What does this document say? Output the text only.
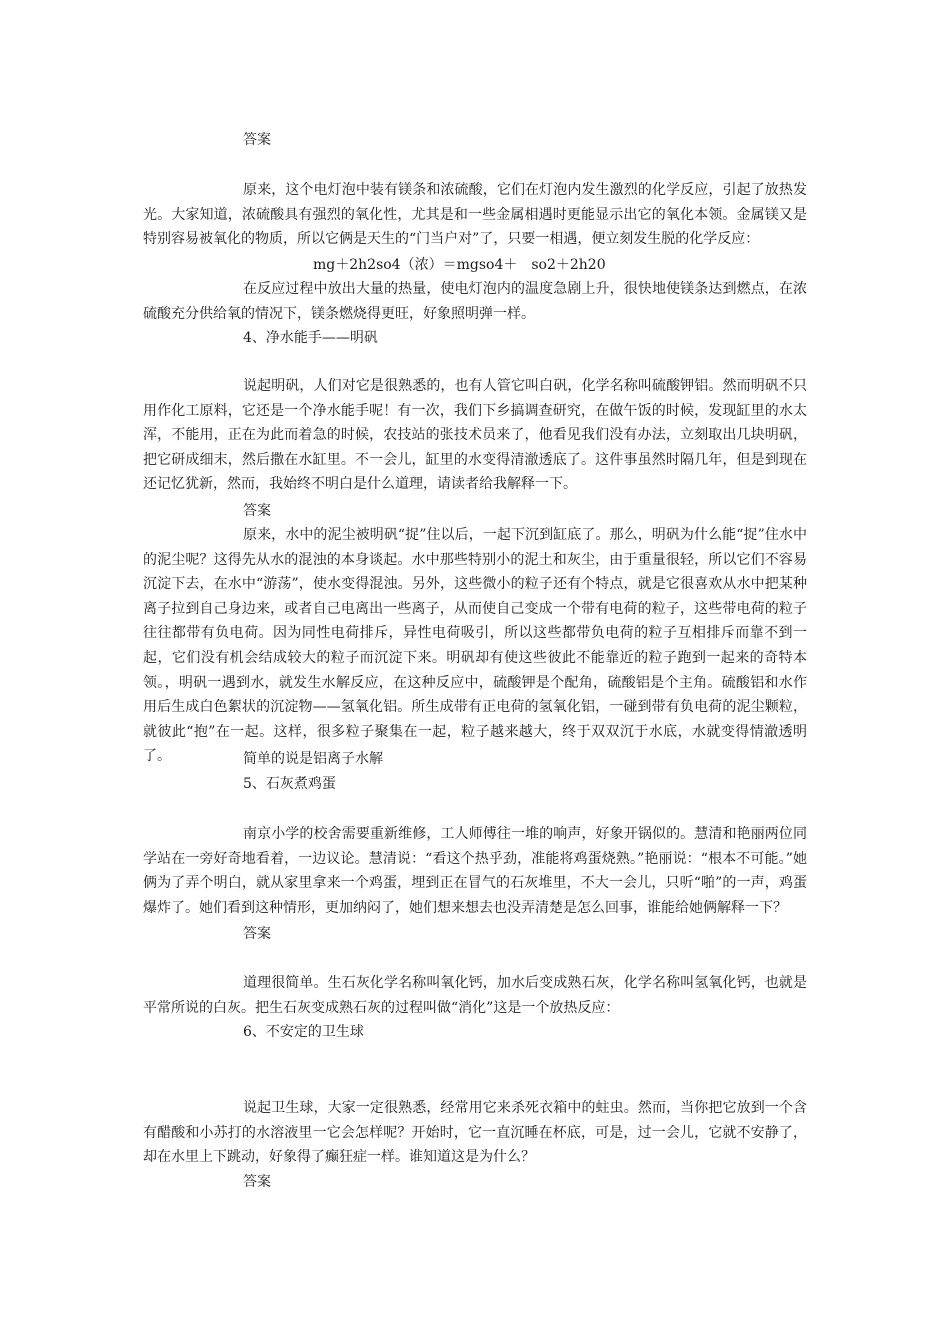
答案

原来，这个电灯泡中装有镁条和浓硫酸，它们在灯泡内发生激烈的化学反应，引起了放热发光。大家知道，浓硫酸具有强烈的氧化性，尤其是和一些金属相遇时更能显示出它的氧化本领。金属镁又是特别容易被氧化的物质，所以它俩是天生的“门当户对”了，只要一相遇，便立刻发生脱的化学反应：

mg＋2h2so4（浓）＝mgso4＋　so2＋2h20

在反应过程中放出大量的热量，使电灯泡内的温度急剧上升，很快地使镁条达到燃点，在浓硫酸充分供给氧的情况下，镁条燃烧得更旺，好象照明弹一样。

4、净水能手——明矾

说起明矾，人们对它是很熟悉的，也有人管它叫白矾，化学名称叫硫酸钾铝。然而明矾不只用作化工原料，它还是一个净水能手呢！有一次，我们下乡搞调查研究，在做午饭的时候，发现缸里的水太浑，不能用，正在为此而着急的时候，农技站的张技术员来了，他看见我们没有办法，立刻取出几块明矾，把它研成细末，然后撒在水缸里。不一会儿，缸里的水变得清澈透底了。这件事虽然时隔几年，但是到现在还记忆犹新，然而，我始终不明白是什么道理，请读者给我解释一下。

答案

原来，水中的泥尘被明矾“捉”住以后，一起下沉到缸底了。那么，明矾为什么能“捉”住水中的泥尘呢？这得先从水的混浊的本身谈起。水中那些特别小的泥土和灰尘，由于重量很轻，所以它们不容易沉淀下去，在水中“游荡”，使水变得混浊。另外，这些微小的粒子还有个特点，就是它很喜欢从水中把某种离子拉到自己身边来，或者自己电离出一些离子，从而使自己变成一个带有电荷的粒子，这些带电荷的粒子往往都带有负电荷。因为同性电荷排斥，异性电荷吸引，所以这些都带负电荷的粒子互相排斥而靠不到一起，它们没有机会结成较大的粒子而沉淀下来。明矾却有使这些彼此不能靠近的粒子跑到一起来的奇特本领。，明矾一遇到水，就发生水解反应，在这种反应中，硫酸钾是个配角，硫酸铝是个主角。硫酸铝和水作用后生成白色絮状的沉淀物——氢氧化铝。所生成带有正电荷的氢氧化铝，一碰到带有负电荷的泥尘颗粒，就彼此“抱”在一起。这样，很多粒子聚集在一起，粒子越来越大，终于双双沉于水底，水就变得情澈透明了。	简单的说是铝离子水解

5、石灰煮鸡蛋

南京小学的校舍需要重新维修，工人师傅往一堆的响声，好象开锅似的。慧清和艳丽两位同学站在一旁好奇地看着，一边议论。慧清说：“看这个热乎劲，准能将鸡蛋烧熟。”艳丽说：“根本不可能。”她俩为了弄个明白，就从家里拿来一个鸡蛋，埋到正在冒气的石灰堆里，不大一会儿，只听“啪”的一声，鸡蛋爆炸了。她们看到这种情形，更加纳闷了，她们想来想去也没弄清楚是怎么回事，谁能给她俩解释一下？

答案

道理很简单。生石灰化学名称叫氧化钙，加水后变成熟石灰，化学名称叫氢氧化钙，也就是平常所说的白灰。把生石灰变成熟石灰的过程叫做“消化”这是一个放热反应：

6、不安定的卫生球

说起卫生球，大家一定很熟悉，经常用它来杀死衣箱中的蛀虫。然而，当你把它放到一个含有醋酸和小苏打的水溶液里一它会怎样呢？开始时，它一直沉睡在杯底，可是，过一会儿，它就不安静了，却在水里上下跳动，好象得了癫狂症一样。谁知道这是为什么？

答案
